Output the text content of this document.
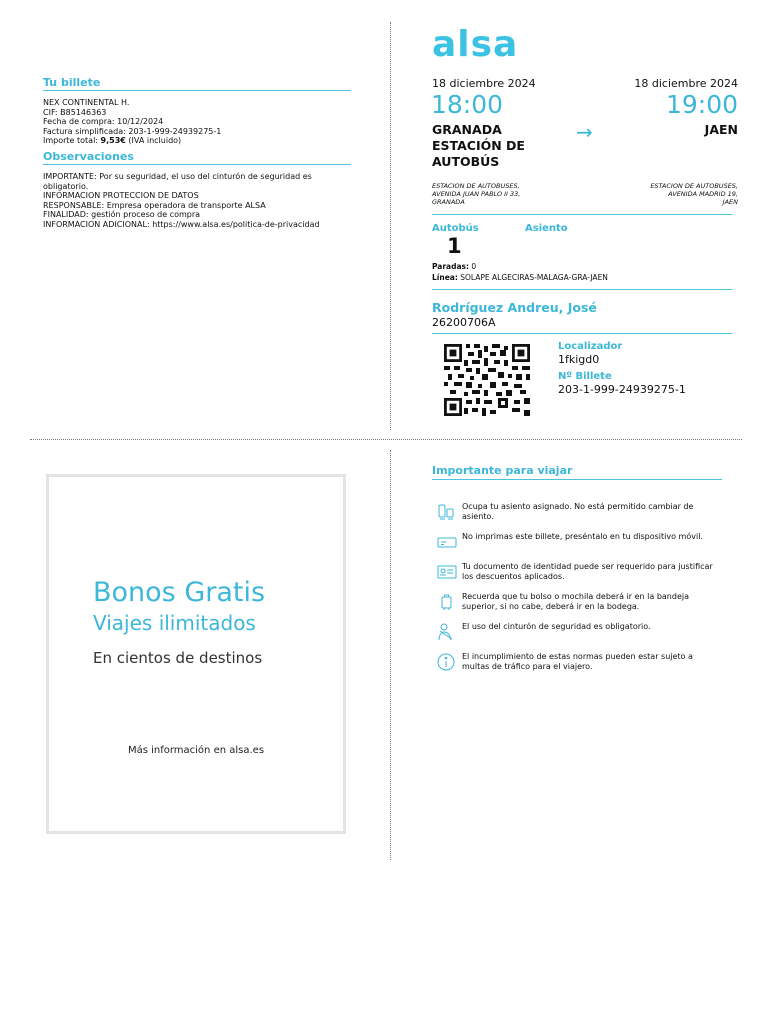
Tu billete
NEX CONTINENTAL H.
CIF: B85146363
Fecha de compra: 10/12/2024
Factura simplificada: 203-1-999-24939275-1
Importe total: 9,53€ (IVA incluido)
Observaciones
IMPORTANTE: Por su seguridad, el uso del cinturón de seguridad es
obligatorio.
INFORMACION PROTECCION DE DATOS
RESPONSABLE: Empresa operadora de transporte ALSA
FINALIDAD: gestión proceso de compra
INFORMACION ADICIONAL: https://www.alsa.es/politica-de-privacidad
alsa
18 diciembre 2024	18 diciembre 2024
18:00	19:00
GRANADA
ESTACIÓN DE
AUTOBÚS
→	JAEN
ESTACION DE AUTOBUSES,
AVENIDA JUAN PABLO II 33,
GRANADA
ESTACION DE AUTOBUSES,
AVENIDA MADRID 19,
JAEN
Autobús	Asiento
1
Paradas: 0
Línea: SOLAPE ALGECIRAS-MALAGA-GRA-JAEN
Rodríguez Andreu, José
26200706A
Localizador
1fkigd0
Nº Billete
203-1-999-24939275-1
Bonos Gratis
Viajes ilimitados
En cientos de destinos
Más información en alsa.es
Importante para viajar
Ocupa tu asiento asignado. No está permitido cambiar de
asiento.
No imprimas este billete, preséntalo en tu dispositivo móvil.
Tu documento de identidad puede ser requerido para justificar
los descuentos aplicados.
Recuerda que tu bolso o mochila deberá ir en la bandeja
superior, si no cabe, deberá ir en la bodega.
El uso del cinturón de seguridad es obligatorio.
El incumplimiento de estas normas pueden estar sujeto a
multas de tráfico para el viajero.
